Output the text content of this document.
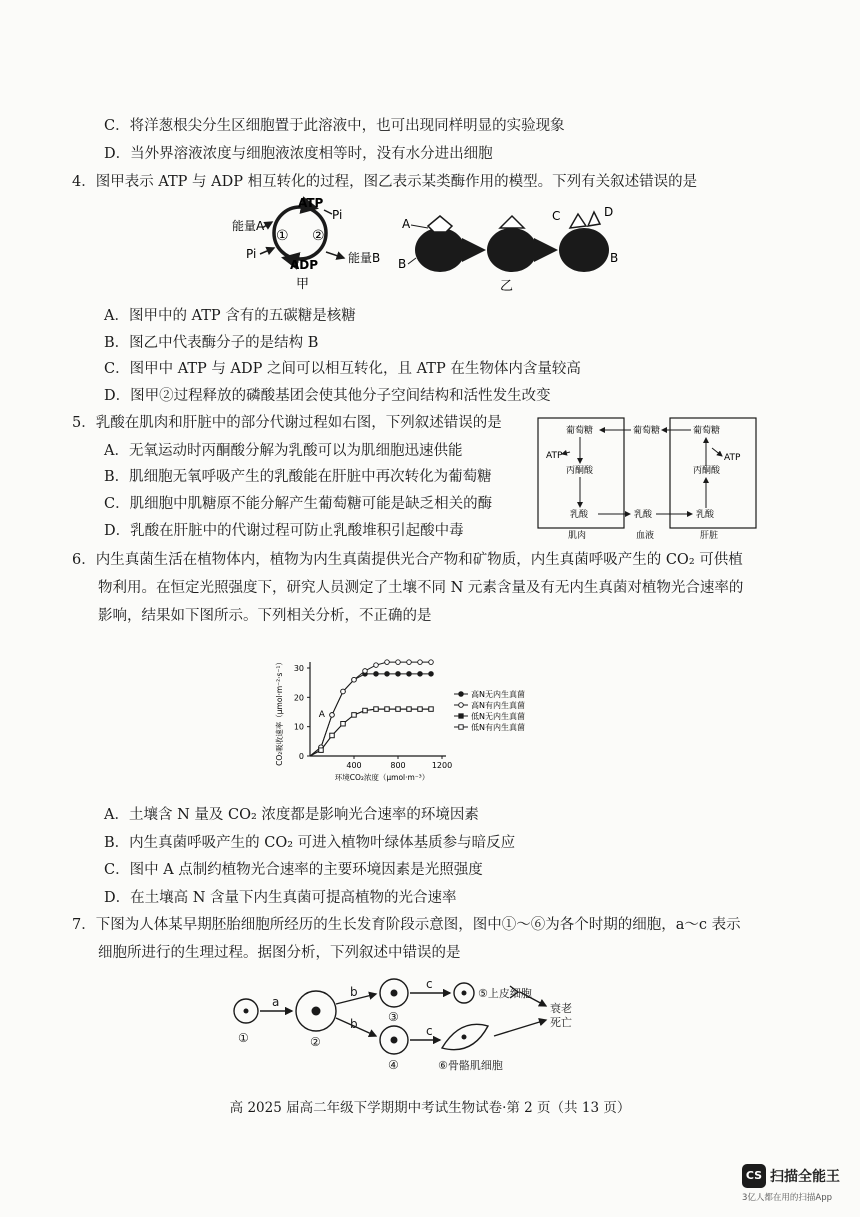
C．将洋葱根尖分生区细胞置于此溶液中，也可出现同样明显的实验现象
D．当外界溶液浓度与细胞液浓度相等时，没有水分进出细胞
4．图甲表示 ATP 与 ADP 相互转化的过程，图乙表示某类酶作用的模型。下列有关叙述错误的是
ATP
ADP
① ②
能量A
Pi
Pi	能量B
甲
A
B
C	D
B
乙
A．图甲中的 ATP 含有的五碳糖是核糖
B．图乙中代表酶分子的是结构 B
C．图甲中 ATP 与 ADP 之间可以相互转化，且 ATP 在生物体内含量较高
D．图甲②过程释放的磷酸基团会使其他分子空间结构和活性发生改变
5．乳酸在肌肉和肝脏中的部分代谢过程如右图，下列叙述错误的是
A．无氧运动时丙酮酸分解为乳酸可以为肌细胞迅速供能
B．肌细胞无氧呼吸产生的乳酸能在肝脏中再次转化为葡萄糖
C．肌细胞中肌糖原不能分解产生葡萄糖可能是缺乏相关的酶
D．乳酸在肝脏中的代谢过程可防止乳酸堆积引起酸中毒
葡萄糖	葡萄糖	葡萄糖
丙酮酸	丙酮酸
ATP	ATP
乳酸	乳酸	乳酸
肌肉	血液	肝脏
6．内生真菌生活在植物体内，植物为内生真菌提供光合产物和矿物质，内生真菌呼吸产生的 CO₂ 可供植
物利用。在恒定光照强度下，研究人员测定了土壤不同 N 元素含量及有无内生真菌对植物光合速率的
影响，结果如下图所示。下列相关分析，不正确的是
400	800	1200
0
10
20
30
环境CO₂浓度（μmol·m⁻³）
CO₂吸收速率（μmol·m⁻²·s⁻¹）	A
高N无内生真菌
高N有内生真菌
低N无内生真菌
低N有内生真菌
A．土壤含 N 量及 CO₂ 浓度都是影响光合速率的环境因素
B．内生真菌呼吸产生的 CO₂ 可进入植物叶绿体基质参与暗反应
C．图中 A 点制约植物光合速率的主要环境因素是光照强度
D．在土壤高 N 含量下内生真菌可提高植物的光合速率
7．下图为人体某早期胚胎细胞所经历的生长发育阶段示意图，图中①～⑥为各个时期的细胞，a～c 表示
细胞所进行的生理过程。据图分析，下列叙述中错误的是
a
b
b
c
c
①	②
③
④
⑤上皮细胞
⑥骨骼肌细胞
衰老
死亡
高 2025 届高二年级下学期期中考试生物试卷·第 2 页（共 13 页）
CS 扫描全能王
3亿人都在用的扫描App
